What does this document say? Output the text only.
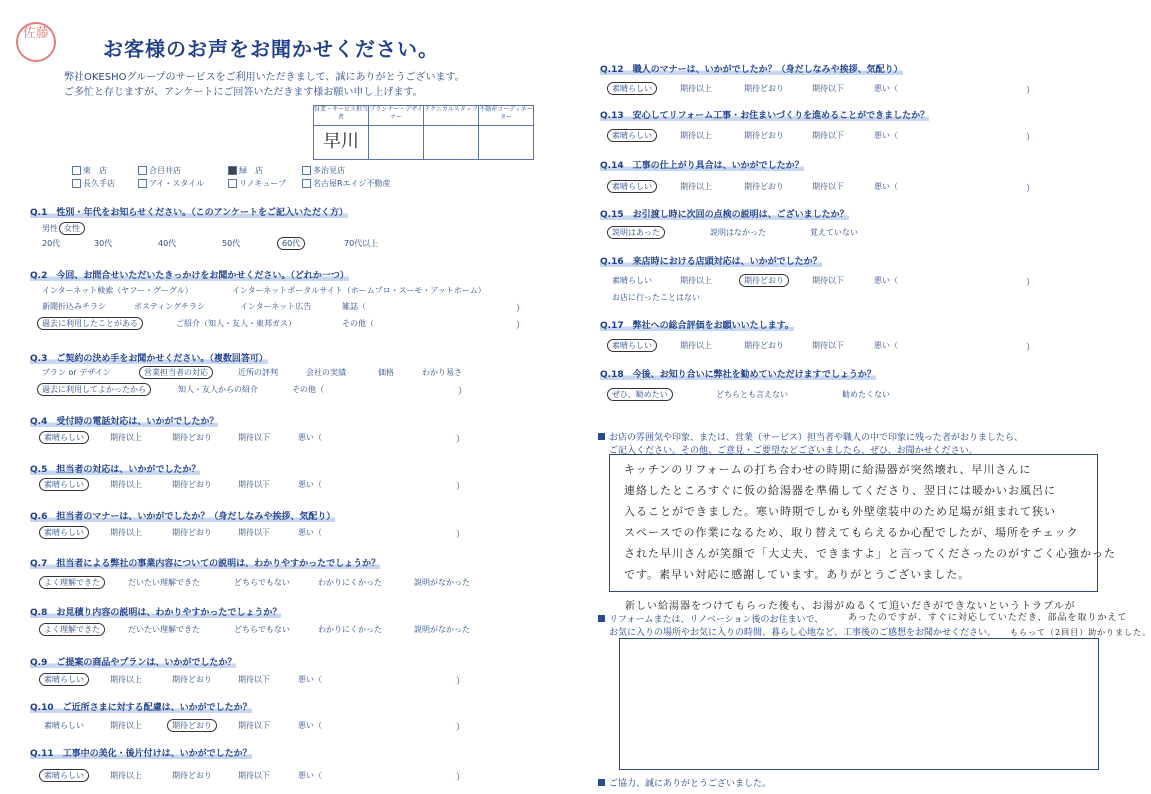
佐藤
お客様のお声をお聞かせください。
弊社OKESHOグループのサービスをご利用いただきまして、誠にありがとうございます。
ご多忙と存じますが、アンケートにご回答いただきます様お願い申し上げます。
営業・サービス担当者	プランナー・デザイナー	テクニカルスタッフ	不動産コーディネーター
早川			
東　店	合目井店	緑　店	多治見店
長久手店	アイ・スタイル	リノキューブ	名古屋Rエイジ不動産
Q.1　性別・年代をお知らせください。（このアンケートをご記入いただく方）
男性 女性
20代	30代	40代	50代	60代	70代以上
Q.2　今回、お問合せいただいたきっかけをお聞かせください。（どれか一つ）
インターネット検索（ヤフー・グーグル）	インターネットポータルサイト（ホームプロ・スーモ・アットホーム）
新聞折込みチラシ	ポスティングチラシ	インターネット広告	雑誌（	）
過去に利用したことがある	ご紹介（知人・友人・東邦ガス）	その他（	）
Q.3　ご契約の決め手をお聞かせください。（複数回答可）
プラン or デザイン	営業担当者の対応	近所の評判	会社の実績	価格	わかり易さ
過去に利用してよかったから	知人・友人からの紹介	その他（	）
Q.4　受付時の電話対応は、いかがでしたか？
素晴らしい	期待以上	期待どおり	期待以下	悪い（	）
Q.5　担当者の対応は、いかがでしたか？
素晴らしい	期待以上	期待どおり	期待以下	悪い（	）
Q.6　担当者のマナーは、いかがでしたか？（身だしなみや挨拶、気配り）
素晴らしい	期待以上	期待どおり	期待以下	悪い（	）
Q.7　担当者による弊社の事業内容についての説明は、わかりやすかったでしょうか？
よく理解できた	だいたい理解できた	どちらでもない	わかりにくかった	説明がなかった
Q.8　お見積り内容の説明は、わかりやすかったでしょうか？
よく理解できた	だいたい理解できた	どちらでもない	わかりにくかった	説明がなかった
Q.9　ご提案の商品やプランは、いかがでしたか？
素晴らしい	期待以上	期待どおり	期待以下	悪い（	）
Q.10　ご近所さまに対する配慮は、いかがでしたか？
素晴らしい	期待以上	期待どおり	期待以下	悪い（	）
Q.11　工事中の美化・後片付けは、いかがでしたか？
素晴らしい	期待以上	期待どおり	期待以下	悪い（	）
Q.12　職人のマナーは、いかがでしたか？（身だしなみや挨拶、気配り）
素晴らしい	期待以上	期待どおり	期待以下	悪い（	）
Q.13　安心してリフォーム工事・お住まいづくりを進めることができましたか？
素晴らしい	期待以上	期待どおり	期待以下	悪い（	）
Q.14　工事の仕上がり具合は、いかがでしたか？
素晴らしい	期待以上	期待どおり	期待以下	悪い（	）
Q.15　お引渡し時に次回の点検の説明は、ございましたか？
説明はあった	説明はなかった	覚えていない
Q.16　来店時における店頭対応は、いかがでしたか？
素晴らしい	期待以上	期待どおり	期待以下	悪い（	）
お店に行ったことはない
Q.17　弊社への総合評価をお願いいたします。
素晴らしい	期待以上	期待どおり	期待以下	悪い（	）
Q.18　今後、お知り合いに弊社を勧めていただけますでしょうか？
ぜひ、勧めたい	どちらとも言えない	勧めたくない
お店の雰囲気や印象、または、営業（サービス）担当者や職人の中で印象に残った者がおりましたら、
ご記入ください。その他、ご意見・ご要望などございましたら、ぜひ、お聞かせください。
キッチンのリフォームの打ち合わせの時期に給湯器が突然壊れ、早川さんに
連絡したところすぐに仮の給湯器を準備してくださり、翌日には暖かいお風呂に
入ることができました。寒い時期でしかも外壁塗装中のため足場が組まれて狭い
スペースでの作業になるため、取り替えてもらえるか心配でしたが、場所をチェック
された早川さんが笑顔で「大丈夫、できますよ」と言ってくださったのがすごく心強かった
です。素早い対応に感謝しています。ありがとうございました。
新しい給湯器をつけてもらった後も、お湯がぬるくて追いだきができないというトラブルが
リフォームまたは、リノベーション後のお住まいで、
お気に入りの場所やお気に入りの時間、暮らし心地など、工事後のご感想をお聞かせください。
あったのですが、すぐに対応していただき、部品を取りかえて
もらって（2回目）助かりました。
ご協力、誠にありがとうございました。
